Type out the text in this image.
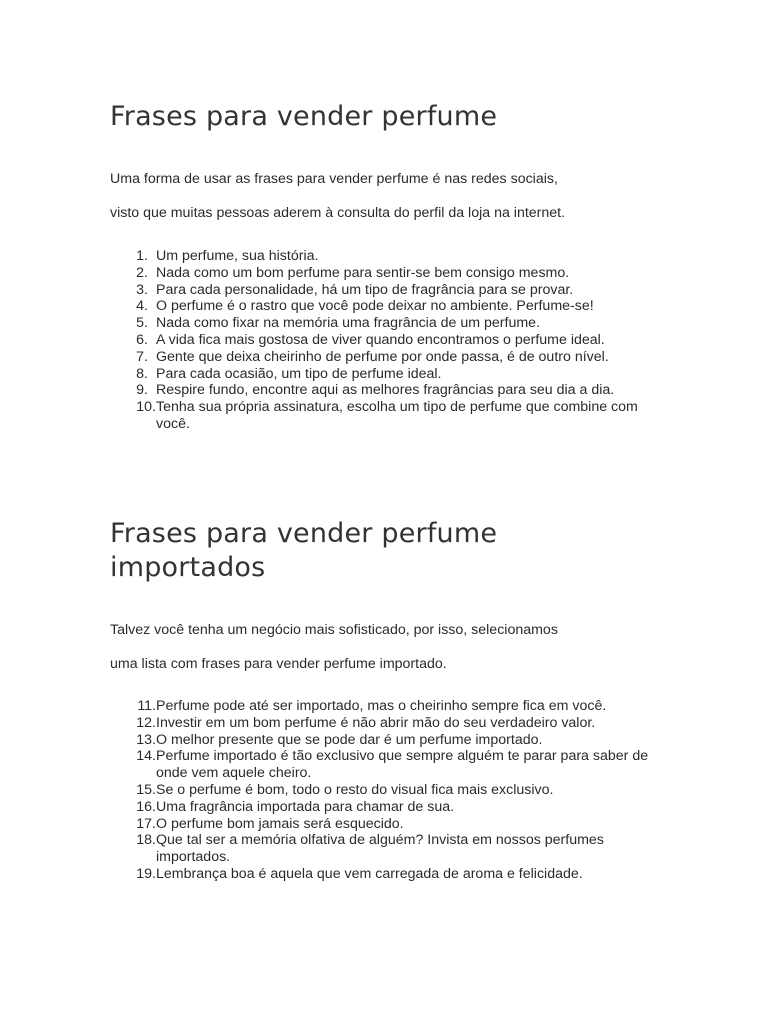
Frases para vender perfume

Uma forma de usar as frases para vender perfume é nas redes sociais,

visto que muitas pessoas aderem à consulta do perfil da loja na internet.

1. Um perfume, sua história.
2. Nada como um bom perfume para sentir-se bem consigo mesmo.
3. Para cada personalidade, há um tipo de fragrância para se provar.
4. O perfume é o rastro que você pode deixar no ambiente. Perfume-se!
5. Nada como fixar na memória uma fragrância de um perfume.
6. A vida fica mais gostosa de viver quando encontramos o perfume ideal.
7. Gente que deixa cheirinho de perfume por onde passa, é de outro nível.
8. Para cada ocasião, um tipo de perfume ideal.
9. Respire fundo, encontre aqui as melhores fragrâncias para seu dia a dia.
10. Tenha sua própria assinatura, escolha um tipo de perfume que combine com você.
Frases para vender perfume importados

Talvez você tenha um negócio mais sofisticado, por isso, selecionamos

uma lista com frases para vender perfume importado.

11. Perfume pode até ser importado, mas o cheirinho sempre fica em você.
12. Investir em um bom perfume é não abrir mão do seu verdadeiro valor.
13. O melhor presente que se pode dar é um perfume importado.
14. Perfume importado é tão exclusivo que sempre alguém te parar para saber de onde vem aquele cheiro.
15. Se o perfume é bom, todo o resto do visual fica mais exclusivo.
16. Uma fragrância importada para chamar de sua.
17. O perfume bom jamais será esquecido.
18. Que tal ser a memória olfativa de alguém? Invista em nossos perfumes importados.
19. Lembrança boa é aquela que vem carregada de aroma e felicidade.
